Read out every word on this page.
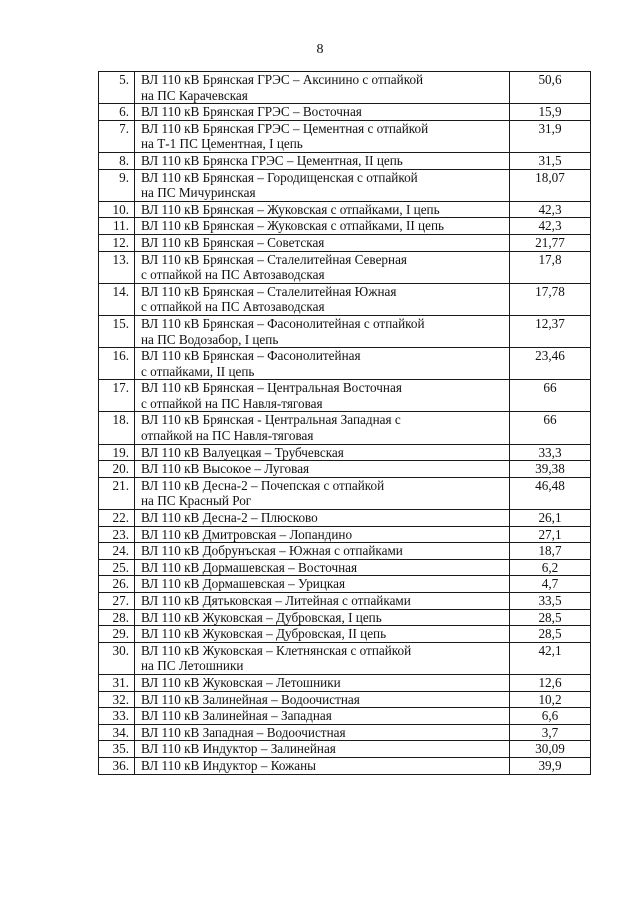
8
5.	ВЛ 110 кВ Брянская ГРЭС – Аксинино с отпайкой
на ПС Карачевская	50,6
6.	ВЛ 110 кВ Брянская ГРЭС – Восточная	15,9
7.	ВЛ 110 кВ Брянская ГРЭС – Цементная с отпайкой
на Т-1 ПС Цементная, I цепь	31,9
8.	ВЛ 110 кВ Брянска ГРЭС – Цементная, II цепь	31,5
9.	ВЛ 110 кВ Брянская – Городищенская с отпайкой
на ПС Мичуринская	18,07
10.	ВЛ 110 кВ Брянская – Жуковская с отпайками, I цепь	42,3
11.	ВЛ 110 кВ Брянская – Жуковская с отпайками, II цепь	42,3
12.	ВЛ 110 кВ Брянская – Советская	21,77
13.	ВЛ 110 кВ Брянская – Сталелитейная Северная
с отпайкой на ПС Автозаводская	17,8
14.	ВЛ 110 кВ Брянская – Сталелитейная Южная
с отпайкой на ПС Автозаводская	17,78
15.	ВЛ 110 кВ Брянская – Фасонолитейная с отпайкой
на ПС Водозабор, I цепь	12,37
16.	ВЛ 110 кВ Брянская – Фасонолитейная
с отпайками, II цепь	23,46
17.	ВЛ 110 кВ Брянская – Центральная Восточная
с отпайкой на ПС Навля-тяговая	66
18.	ВЛ 110 кВ Брянская - Центральная Западная с
отпайкой на ПС Навля-тяговая	66
19.	ВЛ 110 кВ Валуецкая – Трубчевская	33,3
20.	ВЛ 110 кВ Высокое – Луговая	39,38
21.	ВЛ 110 кВ Десна-2 – Почепская с отпайкой
на ПС Красный Рог	46,48
22.	ВЛ 110 кВ Десна-2 – Плюсково	26,1
23.	ВЛ 110 кВ Дмитровская – Лопандино	27,1
24.	ВЛ 110 кВ Добрунъская – Южная с отпайками	18,7
25.	ВЛ 110 кВ Дормашевская – Восточная	6,2
26.	ВЛ 110 кВ Дормашевская – Урицкая	4,7
27.	ВЛ 110 кВ Дятьковская – Литейная с отпайками	33,5
28.	ВЛ 110 кВ Жуковская – Дубровская, I цепь	28,5
29.	ВЛ 110 кВ Жуковская – Дубровская, II цепь	28,5
30.	ВЛ 110 кВ Жуковская – Клетнянская с отпайкой
на ПС Летошники	42,1
31.	ВЛ 110 кВ Жуковская – Летошники	12,6
32.	ВЛ 110 кВ Залинейная – Водоочистная	10,2
33.	ВЛ 110 кВ Залинейная – Западная	6,6
34.	ВЛ 110 кВ Западная – Водоочистная	3,7
35.	ВЛ 110 кВ Индуктор – Залинейная	30,09
36.	ВЛ 110 кВ Индуктор – Кожаны	39,9
